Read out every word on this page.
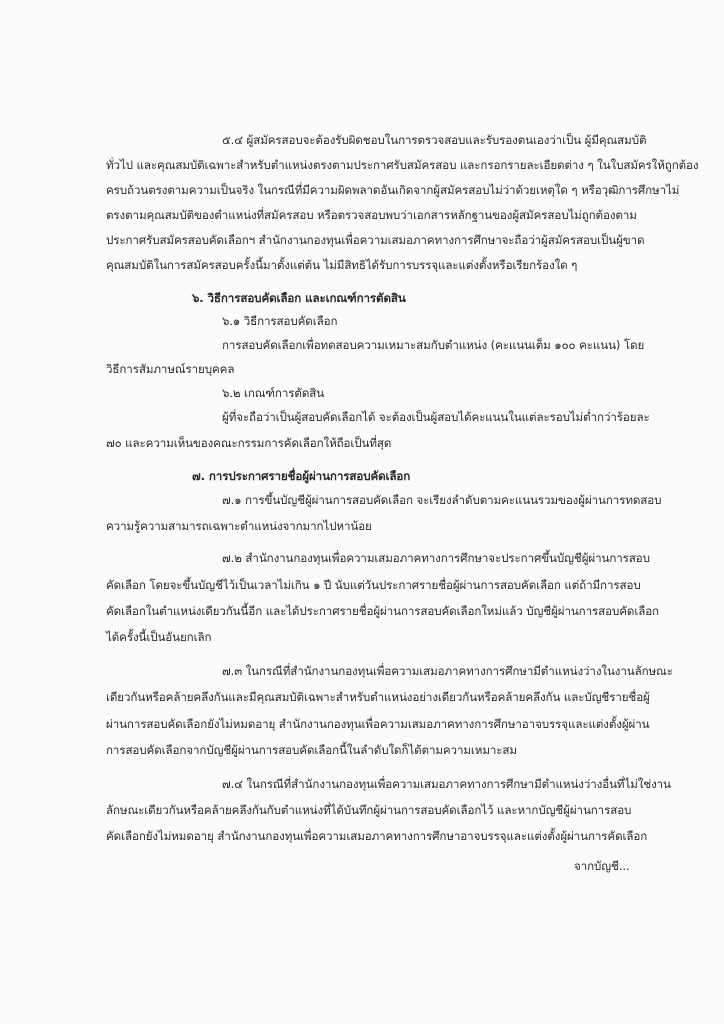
๕.๔ ผู้สมัครสอบจะต้องรับผิดชอบในการตรวจสอบและรับรองตนเองว่าเป็น ผู้มีคุณสมบัติ
ทั่วไป และคุณสมบัติเฉพาะสำหรับตำแหน่งตรงตามประกาศรับสมัครสอบ และกรอกรายละเอียดต่าง ๆ ในใบสมัครให้ถูกต้อง
ครบถ้วนตรงตามความเป็นจริง ในกรณีที่มีความผิดพลาดอันเกิดจากผู้สมัครสอบไม่ว่าด้วยเหตุใด ๆ หรือวุฒิการศึกษาไม่
ตรงตามคุณสมบัติของตำแหน่งที่สมัครสอบ หรือตรวจสอบพบว่าเอกสารหลักฐานของผู้สมัครสอบไม่ถูกต้องตาม
ประกาศรับสมัครสอบคัดเลือกฯ สำนักงานกองทุนเพื่อความเสมอภาคทางการศึกษาจะถือว่าผู้สมัครสอบเป็นผู้ขาด
คุณสมบัติในการสมัครสอบครั้งนี้มาตั้งแต่ต้น ไม่มีสิทธิได้รับการบรรจุและแต่งตั้งหรือเรียกร้องใด ๆ
๖. วิธีการสอบคัดเลือก และเกณฑ์การตัดสิน
๖.๑ วิธีการสอบคัดเลือก
การสอบคัดเลือกเพื่อทดสอบความเหมาะสมกับตำแหน่ง (คะแนนเต็ม ๑๐๐ คะแนน) โดย
วิธีการสัมภาษณ์รายบุคคล
๖.๒ เกณฑ์การตัดสิน
ผู้ที่จะถือว่าเป็นผู้สอบคัดเลือกได้ จะต้องเป็นผู้สอบได้คะแนนในแต่ละรอบไม่ต่ำกว่าร้อยละ
๗๐ และความเห็นของคณะกรรมการคัดเลือกให้ถือเป็นที่สุด
๗. การประกาศรายชื่อผู้ผ่านการสอบคัดเลือก
๗.๑ การขึ้นบัญชีผู้ผ่านการสอบคัดเลือก จะเรียงลำดับตามคะแนนรวมของผู้ผ่านการทดสอบ
ความรู้ความสามารถเฉพาะตำแหน่งจากมากไปหาน้อย
๗.๒ สำนักงานกองทุนเพื่อความเสมอภาคทางการศึกษาจะประกาศขึ้นบัญชีผู้ผ่านการสอบ
คัดเลือก โดยจะขึ้นบัญชีไว้เป็นเวลาไม่เกิน ๑ ปี นับแต่วันประกาศรายชื่อผู้ผ่านการสอบคัดเลือก แต่ถ้ามีการสอบ
คัดเลือกในตำแหน่งเดียวกันนี้อีก และได้ประกาศรายชื่อผู้ผ่านการสอบคัดเลือกใหม่แล้ว บัญชีผู้ผ่านการสอบคัดเลือก
ได้ครั้งนี้เป็นอันยกเลิก
๗.๓ ในกรณีที่สำนักงานกองทุนเพื่อความเสมอภาคทางการศึกษามีตำแหน่งว่างในงานลักษณะ
เดียวกันหรือคล้ายคลึงกันและมีคุณสมบัติเฉพาะสำหรับตำแหน่งอย่างเดียวกันหรือคล้ายคลึงกัน และบัญชีรายชื่อผู้
ผ่านการสอบคัดเลือกยังไม่หมดอายุ สำนักงานกองทุนเพื่อความเสมอภาคทางการศึกษาอาจบรรจุและแต่งตั้งผู้ผ่าน
การสอบคัดเลือกจากบัญชีผู้ผ่านการสอบคัดเลือกนี้ในลำดับใดก็ได้ตามความเหมาะสม
๗.๔ ในกรณีที่สำนักงานกองทุนเพื่อความเสมอภาคทางการศึกษามีตำแหน่งว่างอื่นที่ไม่ใช่งาน
ลักษณะเดียวกันหรือคล้ายคลึงกันกับตำแหน่งที่ได้บันทึกผู้ผ่านการสอบคัดเลือกไว้ และหากบัญชีผู้ผ่านการสอบ
คัดเลือกยังไม่หมดอายุ สำนักงานกองทุนเพื่อความเสมอภาคทางการศึกษาอาจบรรจุและแต่งตั้งผู้ผ่านการคัดเลือก
จากบัญชี...
